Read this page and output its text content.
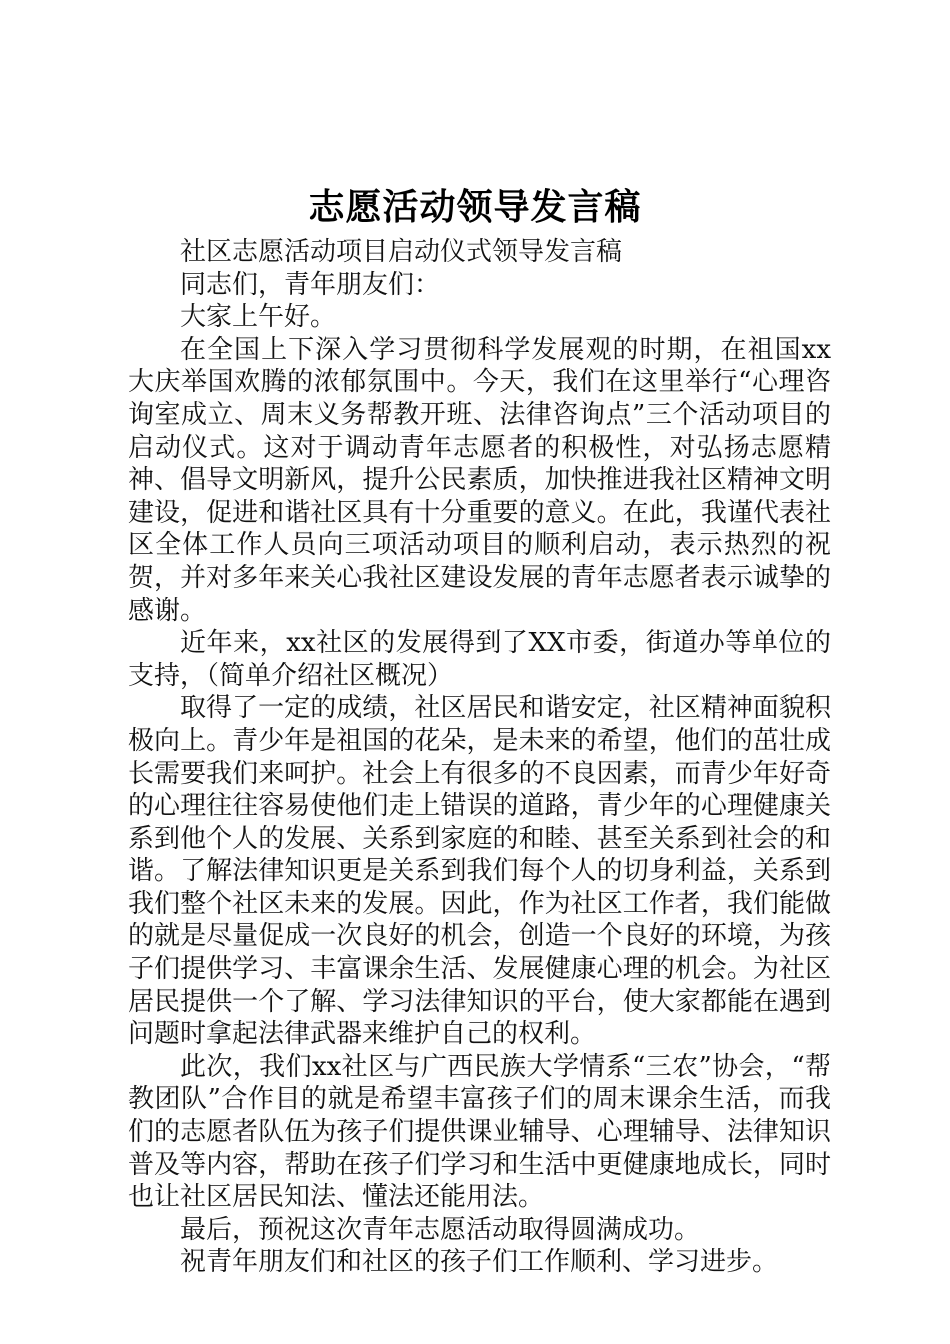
志愿活动领导发言稿

社区志愿活动项目启动仪式领导发言稿

同志们，青年朋友们：

大家上午好。

在全国上下深入学习贯彻科学发展观的时期，在祖国xx大庆举国欢腾的浓郁氛围中。今天，我们在这里举行“心理咨询室成立、周末义务帮教开班、法律咨询点”三个活动项目的启动仪式。这对于调动青年志愿者的积极性，对弘扬志愿精神、倡导文明新风，提升公民素质，加快推进我社区精神文明建设，促进和谐社区具有十分重要的意义。在此，我谨代表社区全体工作人员向三项活动项目的顺利启动，表示热烈的祝贺，并对多年来关心我社区建设发展的青年志愿者表示诚挚的感谢。

近年来，xx社区的发展得到了XX市委，街道办等单位的支持，（简单介绍社区概况）

取得了一定的成绩，社区居民和谐安定，社区精神面貌积极向上。青少年是祖国的花朵，是未来的希望，他们的茁壮成长需要我们来呵护。社会上有很多的不良因素，而青少年好奇的心理往往容易使他们走上错误的道路，青少年的心理健康关系到他个人的发展、关系到家庭的和睦、甚至关系到社会的和谐。了解法律知识更是关系到我们每个人的切身利益，关系到我们整个社区未来的发展。因此，作为社区工作者，我们能做的就是尽量促成一次良好的机会，创造一个良好的环境，为孩子们提供学习、丰富课余生活、发展健康心理的机会。为社区居民提供一个了解、学习法律知识的平台，使大家都能在遇到问题时拿起法律武器来维护自己的权利。

此次，我们xx社区与广西民族大学情系“三农”协会，“帮教团队”合作目的就是希望丰富孩子们的周末课余生活，而我们的志愿者队伍为孩子们提供课业辅导、心理辅导、法律知识普及等内容，帮助在孩子们学习和生活中更健康地成长，同时也让社区居民知法、懂法还能用法。

最后，预祝这次青年志愿活动取得圆满成功。

祝青年朋友们和社区的孩子们工作顺利、学习进步。
